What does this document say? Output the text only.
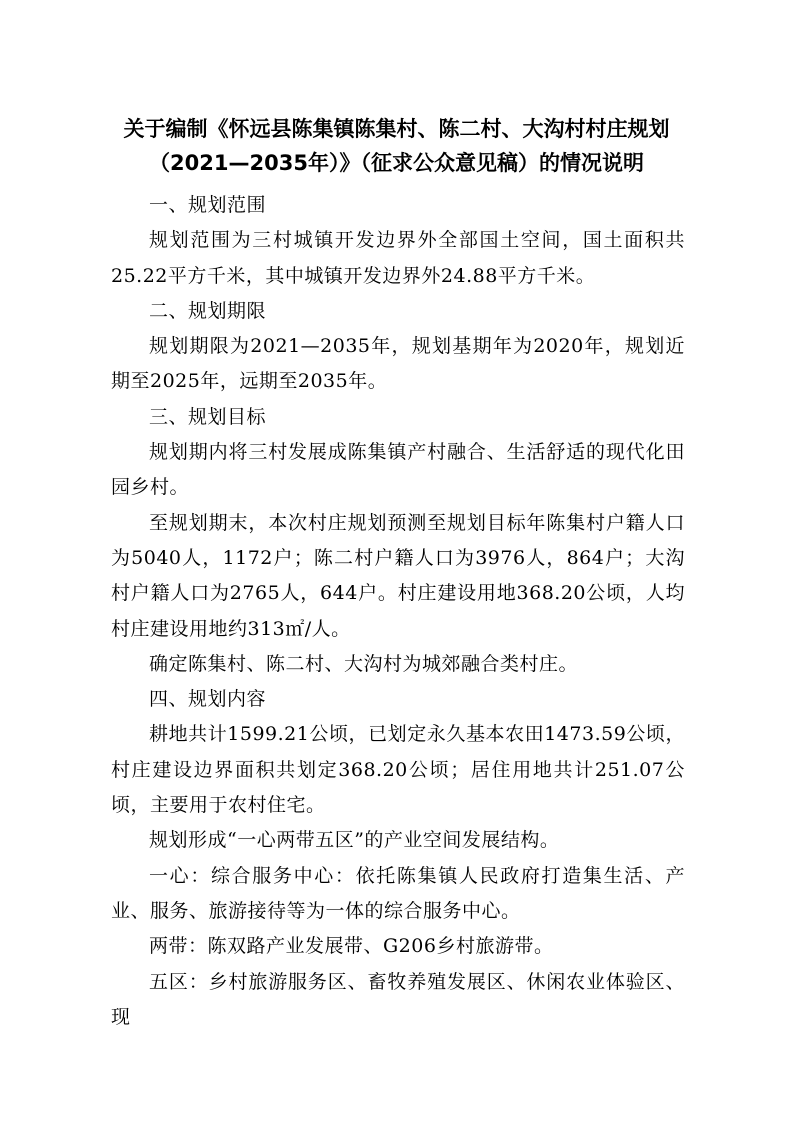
关于编制《怀远县陈集镇陈集村、陈二村、大沟村村庄规划
（2021—2035年）》（征求公众意见稿）的情况说明

一、规划范围

规划范围为三村城镇开发边界外全部国土空间，国土面积共25.22平方千米，其中城镇开发边界外24.88平方千米。

二、规划期限

规划期限为2021—2035年，规划基期年为2020年，规划近期至2025年，远期至2035年。

三、规划目标

规划期内将三村发展成陈集镇产村融合、生活舒适的现代化田园乡村。

至规划期末，本次村庄规划预测至规划目标年陈集村户籍人口为5040人，1172户；陈二村户籍人口为3976人，864户；大沟村户籍人口为2765人，644户。村庄建设用地368.20公顷，人均村庄建设用地约313㎡/人。

确定陈集村、陈二村、大沟村为城郊融合类村庄。

四、规划内容

耕地共计1599.21公顷，已划定永久基本农田1473.59公顷，村庄建设边界面积共划定368.20公顷；居住用地共计251.07公顷，主要用于农村住宅。

规划形成“一心两带五区”的产业空间发展结构。

一心：综合服务中心：依托陈集镇人民政府打造集生活、产业、服务、旅游接待等为一体的综合服务中心。

两带：陈双路产业发展带、G206乡村旅游带。

五区：乡村旅游服务区、畜牧养殖发展区、休闲农业体验区、现
